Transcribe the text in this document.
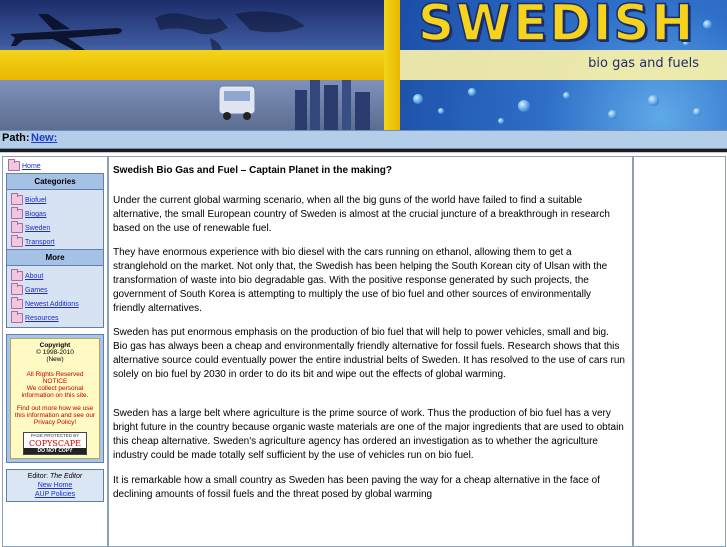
SWEDISH
bio gas and fuels
Path: New:
Home
Categories
Biofuel
Biogas
Sweden
Transport
More
About
Games
Newest Additions
Resources
Copyright
© 1998-2010
(New)
All Rights Reserved
NOTICE
We collect personal information on this site.
Find out more how we use this information and see our Privacy Policy!
PAGE PROTECTED BY
COPYSCAPE
DO NOT COPY
Editor: The Editor
New Home
AUP Policies
Swedish Bio Gas and Fuel – Captain Planet in the making?

Under the current global warming scenario, when all the big guns of the world have failed to find a suitable alternative, the small European country of Sweden is almost at the crucial juncture of a breakthrough in research based on the use of renewable fuel.

They have enormous experience with bio diesel with the cars running on ethanol, allowing them to get a stranglehold on the market. Not only that, the Swedish has been helping the South Korean city of Ulsan with the transformation of waste into bio degradable gas. With the positive response generated by such projects, the government of South Korea is attempting to multiply the use of bio fuel and other sources of environmentally friendly alternatives.

Sweden has put enormous emphasis on the production of bio fuel that will help to power vehicles, small and big. Bio gas has always been a cheap and environmentally friendly alternative for fossil fuels. Research shows that this alternative source could eventually power the entire industrial belts of Sweden. It has resolved to the use of cars run solely on bio fuel by 2030 in order to do its bit and wipe out the effects of global warming.

Sweden has a large belt where agriculture is the prime source of work. Thus the production of bio fuel has a very bright future in the country because organic waste materials are one of the major ingredients that are used to obtain this cheap alternative. Sweden's agriculture agency has ordered an investigation as to whether the agriculture industry could be made totally self sufficient by the use of vehicles run on bio fuel.

It is remarkable how a small country as Sweden has been paving the way for a cheap alternative in the face of declining amounts of fossil fuels and the threat posed by global warming
